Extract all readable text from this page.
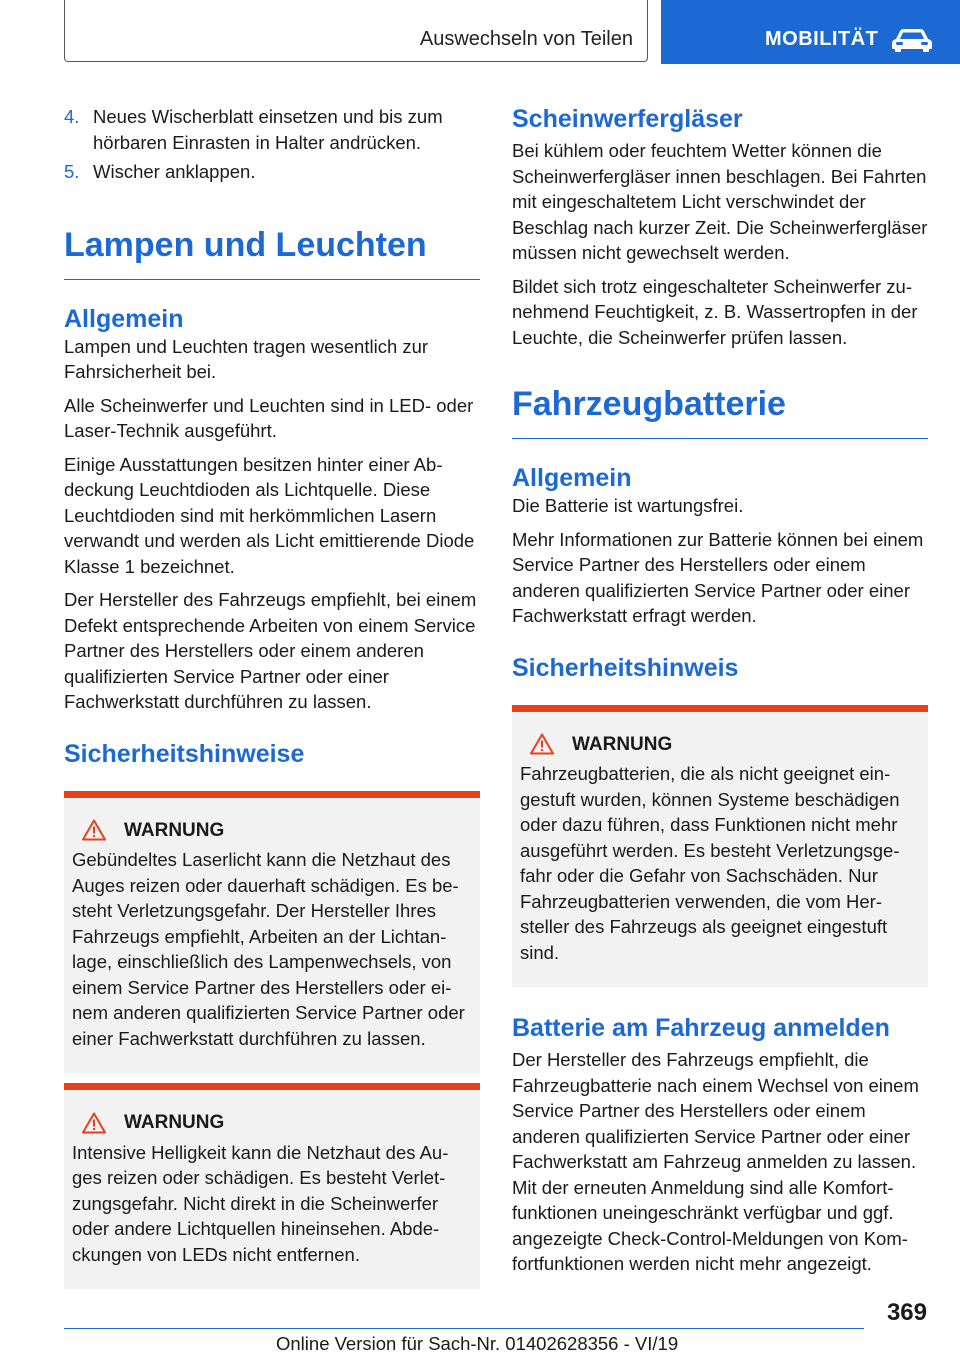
Auswechseln von Teilen	MOBILITÄT
4. Neues Wischerblatt einsetzen und bis zum hörbaren Einrasten in Halter andrücken.
5. Wischer anklappen.
Lampen und Leuchten
Allgemein

Lampen und Leuchten tragen wesentlich zur Fahrsicherheit bei.

Alle Scheinwerfer und Leuchten sind in LED- oder Laser-Technik ausgeführt.

Einige Ausstattungen besitzen hinter einer Abdeckung Leuchtdioden als Lichtquelle. Diese Leuchtdioden sind mit herkömmlichen Lasern verwandt und werden als Licht emittierende Diode Klasse 1 bezeichnet.

Der Hersteller des Fahrzeugs empfiehlt, bei einem Defekt entsprechende Arbeiten von einem Service Partner des Herstellers oder einem anderen qualifizierten Service Partner oder einer Fachwerkstatt durchführen zu lassen.

Sicherheitshinweise
WARNUNG
Gebündeltes Laserlicht kann die Netzhaut des Auges reizen oder dauerhaft schädigen. Es besteht Verletzungsgefahr. Der Hersteller Ihres Fahrzeugs empfiehlt, Arbeiten an der Lichtanlage, einschließlich des Lampenwechsels, von einem Service Partner des Herstellers oder einem anderen qualifizierten Service Partner oder einer Fachwerkstatt durchführen zu lassen.
WARNUNG
Intensive Helligkeit kann die Netzhaut des Auges reizen oder schädigen. Es besteht Verletzungsgefahr. Nicht direkt in die Scheinwerfer oder andere Lichtquellen hineinsehen. Abdeckungen von LEDs nicht entfernen.
Scheinwerfergläser

Bei kühlem oder feuchtem Wetter können die Scheinwerfergläser innen beschlagen. Bei Fahrten mit eingeschaltetem Licht verschwindet der Beschlag nach kurzer Zeit. Die Scheinwerfergläser müssen nicht gewechselt werden.

Bildet sich trotz eingeschalteter Scheinwerfer zunehmend Feuchtigkeit, z. B. Wassertropfen in der Leuchte, die Scheinwerfer prüfen lassen.

Fahrzeugbatterie
Allgemein

Die Batterie ist wartungsfrei.

Mehr Informationen zur Batterie können bei einem Service Partner des Herstellers oder einem anderen qualifizierten Service Partner oder einer Fachwerkstatt erfragt werden.

Sicherheitshinweis
WARNUNG
Fahrzeugbatterien, die als nicht geeignet eingestuft wurden, können Systeme beschädigen oder dazu führen, dass Funktionen nicht mehr ausgeführt werden. Es besteht Verletzungsgefahr oder die Gefahr von Sachschäden. Nur Fahrzeugbatterien verwenden, die vom Hersteller des Fahrzeugs als geeignet eingestuft sind.
Batterie am Fahrzeug anmelden

Der Hersteller des Fahrzeugs empfiehlt, die Fahrzeugbatterie nach einem Wechsel von einem Service Partner des Herstellers oder einem anderen qualifizierten Service Partner oder einer Fachwerkstatt am Fahrzeug anmelden zu lassen. Mit der erneuten Anmeldung sind alle Komfortfunktionen uneingeschränkt verfügbar und ggf. angezeigte Check-Control-Meldungen von Komfortfunktionen werden nicht mehr angezeigt.

369
Online Version für Sach-Nr. 01402628356 - VI/19
